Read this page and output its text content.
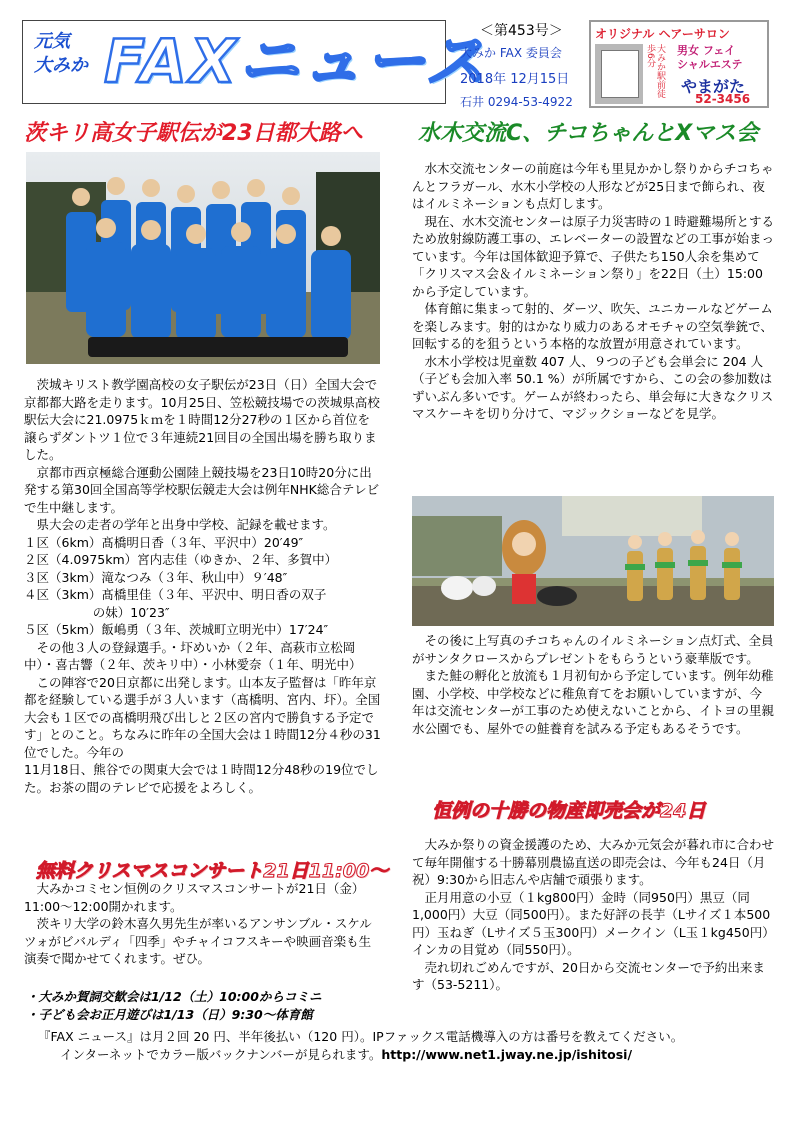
元気
大みか FAXニュース
＜第453号＞
大みか FAX 委員会
2018年 12月15日
石井 0294-53-4922
オリジナル ヘアーサロン
大みか駅前徒歩6分	男女 フェイ
シャルエステ
やまがた
52-3456
茨キリ高女子駅伝が23日都大路へ	水木交流C、チコちゃんとXマス会

茨城キリスト教学園高校の女子駅伝が23日（日）全国大会で京都都大路を走ります。10月25日、笠松競技場での茨城県高校駅伝大会に21.0975ｋｍを１時間12分27秒の１区から首位を譲らずダントツ１位で３年連続21回目の全国出場を勝ち取りました。

京都市西京極総合運動公園陸上競技場を23日10時20分に出発する第30回全国高等学校駅伝競走大会は例年NHK総合テレビで生中継します。

県大会の走者の学年と出身中学校、記録を載せます。

１区（6km）髙橋明日香（３年、平沢中）20′49″

２区（4.0975km）宮内志佳（ゆきか、２年、多賀中）

３区（3km）滝なつみ（３年、秋山中）９′48″

４区（3km）髙橋里佳（３年、平沢中、明日香の双子

の妹）10′23″

５区（5km）飯嶋勇（３年、茨城町立明光中）17′24″

その他３人の登録選手。・圷めいか（２年、高萩市立松岡中）・喜古響（２年、茨キリ中）・小林愛奈（１年、明光中）

この陣容で20日京都に出発します。山本友子監督は「昨年京都を経験している選手が３人います（髙橋明、宮内、圷）。全国大会も１区での髙橋明飛び出しと２区の宮内で勝負する予定です」とのこと。ちなみに昨年の全国大会は１時間12分４秒の31位でした。今年の

11月18日、熊谷での関東大会では１時間12分48秒の19位でした。お茶の間のテレビで応援をよろしく。

無料クリスマスコンサート21日11:00～

大みかコミセン恒例のクリスマスコンサートが21日（金）11:00～12:00開かれます。

茨キリ大学の鈴木喜久男先生が率いるアンサンブル・スケルツォがビバルディ「四季」やチャイコフスキーや映画音楽も生演奏で聞かせてくれます。ぜひ。

・大みか賀詞交歓会は1/12（土）10:00からコミニ
・子ども会お正月遊びは1/13（日）9:30～体育館

水木交流センターの前庭は今年も里見かかし祭りからチコちゃんとフラガール、水木小学校の人形などが25日まで飾られ、夜はイルミネーションも点灯します。

現在、水木交流センターは原子力災害時の１時避難場所とするため放射線防護工事の、エレベーターの設置などの工事が始まっています。今年は国体歓迎予算で、子供たち150人余を集めて「クリスマス会＆イルミネーション祭り」を22日（土）15:00から予定しています。

体育館に集まって射的、ダーツ、吹矢、ユニカールなどゲームを楽しみます。射的はかなり威力のあるオモチャの空気拳銃で、回転する的を狙うという本格的な放置が用意されています。

水木小学校は児童数 407 人、９つの子ども会単会に 204 人（子ども会加入率 50.1 %）が所属ですから、この会の参加数はずいぶん多いです。ゲームが終わったら、単会毎に大きなクリスマスケーキを切り分けて、マジックショーなどを見学。

その後に上写真のチコちゃんのイルミネーション点灯式、全員がサンタクロースからプレゼントをもらうという豪華版です。

また鮭の孵化と放流も１月初旬から予定しています。例年幼稚園、小学校、中学校などに稚魚育てをお願いしていますが、今年は交流センターが工事のため使えないことから、イトヨの里親水公園でも、屋外での鮭養育を試みる予定もあるそうです。

恒例の十勝の物産即売会が24日

大みか祭りの資金援護のため、大みか元気会が暮れ市に合わせて毎年開催する十勝幕別農協直送の即売会は、今年も24日（月祝）9:30から旧志んや店舗で頑張ります。

正月用意の小豆（１kg800円）金時（同950円）黒豆（同1,000円）大豆（同500円）。また好評の長芋（Lサイズ１本500円）玉ねぎ（Lサイズ５玉300円）メークイン（L玉１kg450円）インカの目覚め（同550円）。

売れ切れごめんですが、20日から交流センターで予約出来ます（53-5211）。

『FAX ニュース』は月２回 20 円、半年後払い（120 円）。IPファックス電話機導入の方は番号を教えてください。
インターネットでカラー版バックナンバーが見られます。http://www.net1.jway.ne.jp/ishitosi/
